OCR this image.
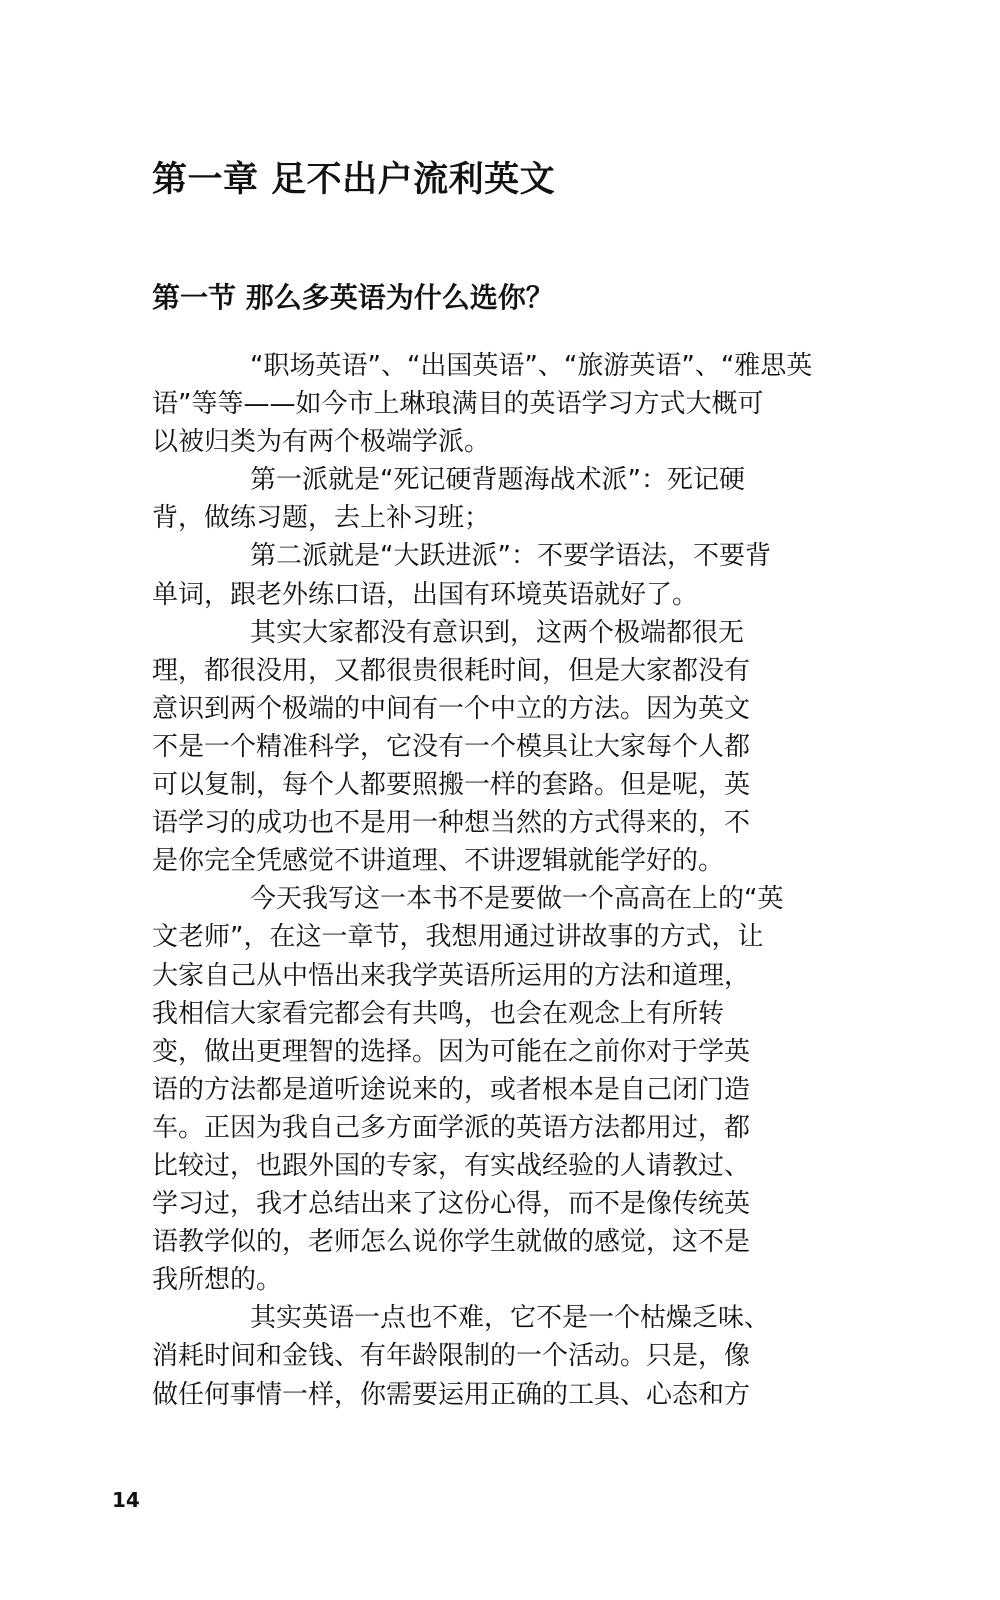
第一章 足不出户流利英文
第一节 那么多英语为什么选你？
“职场英语”、“出国英语”、“旅游英语”、“雅思英
语”等等——如今市上琳琅满目的英语学习方式大概可
以被归类为有两个极端学派。
第一派就是“死记硬背题海战术派”：死记硬
背，做练习题，去上补习班；
第二派就是“大跃进派”：不要学语法，不要背
单词，跟老外练口语，出国有环境英语就好了。
其实大家都没有意识到，这两个极端都很无
理，都很没用，又都很贵很耗时间，但是大家都没有
意识到两个极端的中间有一个中立的方法。因为英文
不是一个精准科学，它没有一个模具让大家每个人都
可以复制，每个人都要照搬一样的套路。但是呢，英
语学习的成功也不是用一种想当然的方式得来的，不
是你完全凭感觉不讲道理、不讲逻辑就能学好的。
今天我写这一本书不是要做一个高高在上的“英
文老师”，在这一章节，我想用通过讲故事的方式，让
大家自己从中悟出来我学英语所运用的方法和道理，
我相信大家看完都会有共鸣，也会在观念上有所转
变，做出更理智的选择。因为可能在之前你对于学英
语的方法都是道听途说来的，或者根本是自己闭门造
车。正因为我自己多方面学派的英语方法都用过，都
比较过，也跟外国的专家，有实战经验的人请教过、
学习过，我才总结出来了这份心得，而不是像传统英
语教学似的，老师怎么说你学生就做的感觉，这不是
我所想的。
其实英语一点也不难，它不是一个枯燥乏味、
消耗时间和金钱、有年龄限制的一个活动。只是，像
做任何事情一样，你需要运用正确的工具、心态和方
14
